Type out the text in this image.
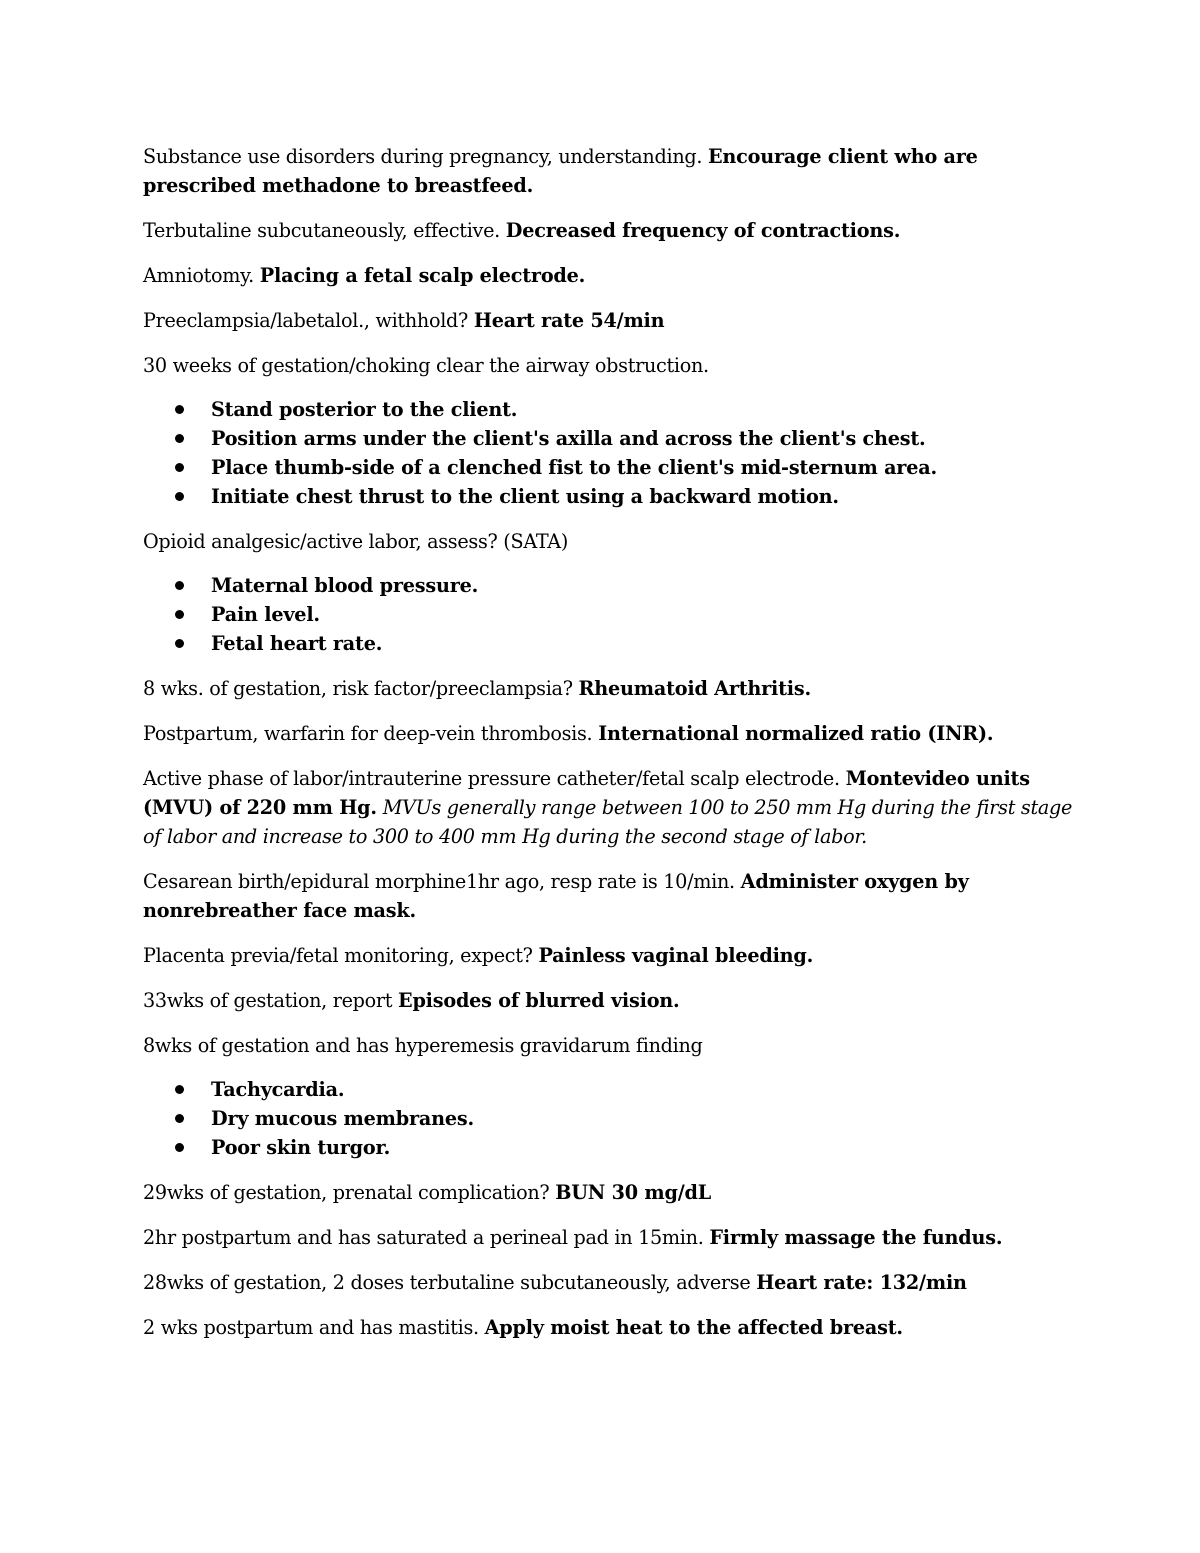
Substance use disorders during pregnancy, understanding. Encourage client who are prescribed methadone to breastfeed.

Terbutaline subcutaneously, effective. Decreased frequency of contractions.

Amniotomy. Placing a fetal scalp electrode.

Preeclampsia/labetalol., withhold? Heart rate 54/min

30 weeks of gestation/choking clear the airway obstruction.

Stand posterior to the client.
Position arms under the client's axilla and across the client's chest.
Place thumb-side of a clenched fist to the client's mid-sternum area.
Initiate chest thrust to the client using a backward motion.

Opioid analgesic/active labor, assess? (SATA)

Maternal blood pressure.
Pain level.
Fetal heart rate.

8 wks. of gestation, risk factor/preeclampsia? Rheumatoid Arthritis.

Postpartum, warfarin for deep-vein thrombosis. International normalized ratio (INR).

Active phase of labor/intrauterine pressure catheter/fetal scalp electrode. Montevideo units (MVU) of 220 mm Hg. MVUs generally range between 100 to 250 mm Hg during the first stage of labor and increase to 300 to 400 mm Hg during the second stage of labor.

Cesarean birth/epidural morphine1hr ago, resp rate is 10/min. Administer oxygen by nonrebreather face mask.

Placenta previa/fetal monitoring, expect? Painless vaginal bleeding.

33wks of gestation, report Episodes of blurred vision.

8wks of gestation and has hyperemesis gravidarum finding

Tachycardia.
Dry mucous membranes.
Poor skin turgor.

29wks of gestation, prenatal complication? BUN 30 mg/dL

2hr postpartum and has saturated a perineal pad in 15min. Firmly massage the fundus.

28wks of gestation, 2 doses terbutaline subcutaneously, adverse Heart rate: 132/min

2 wks postpartum and has mastitis. Apply moist heat to the affected breast.
